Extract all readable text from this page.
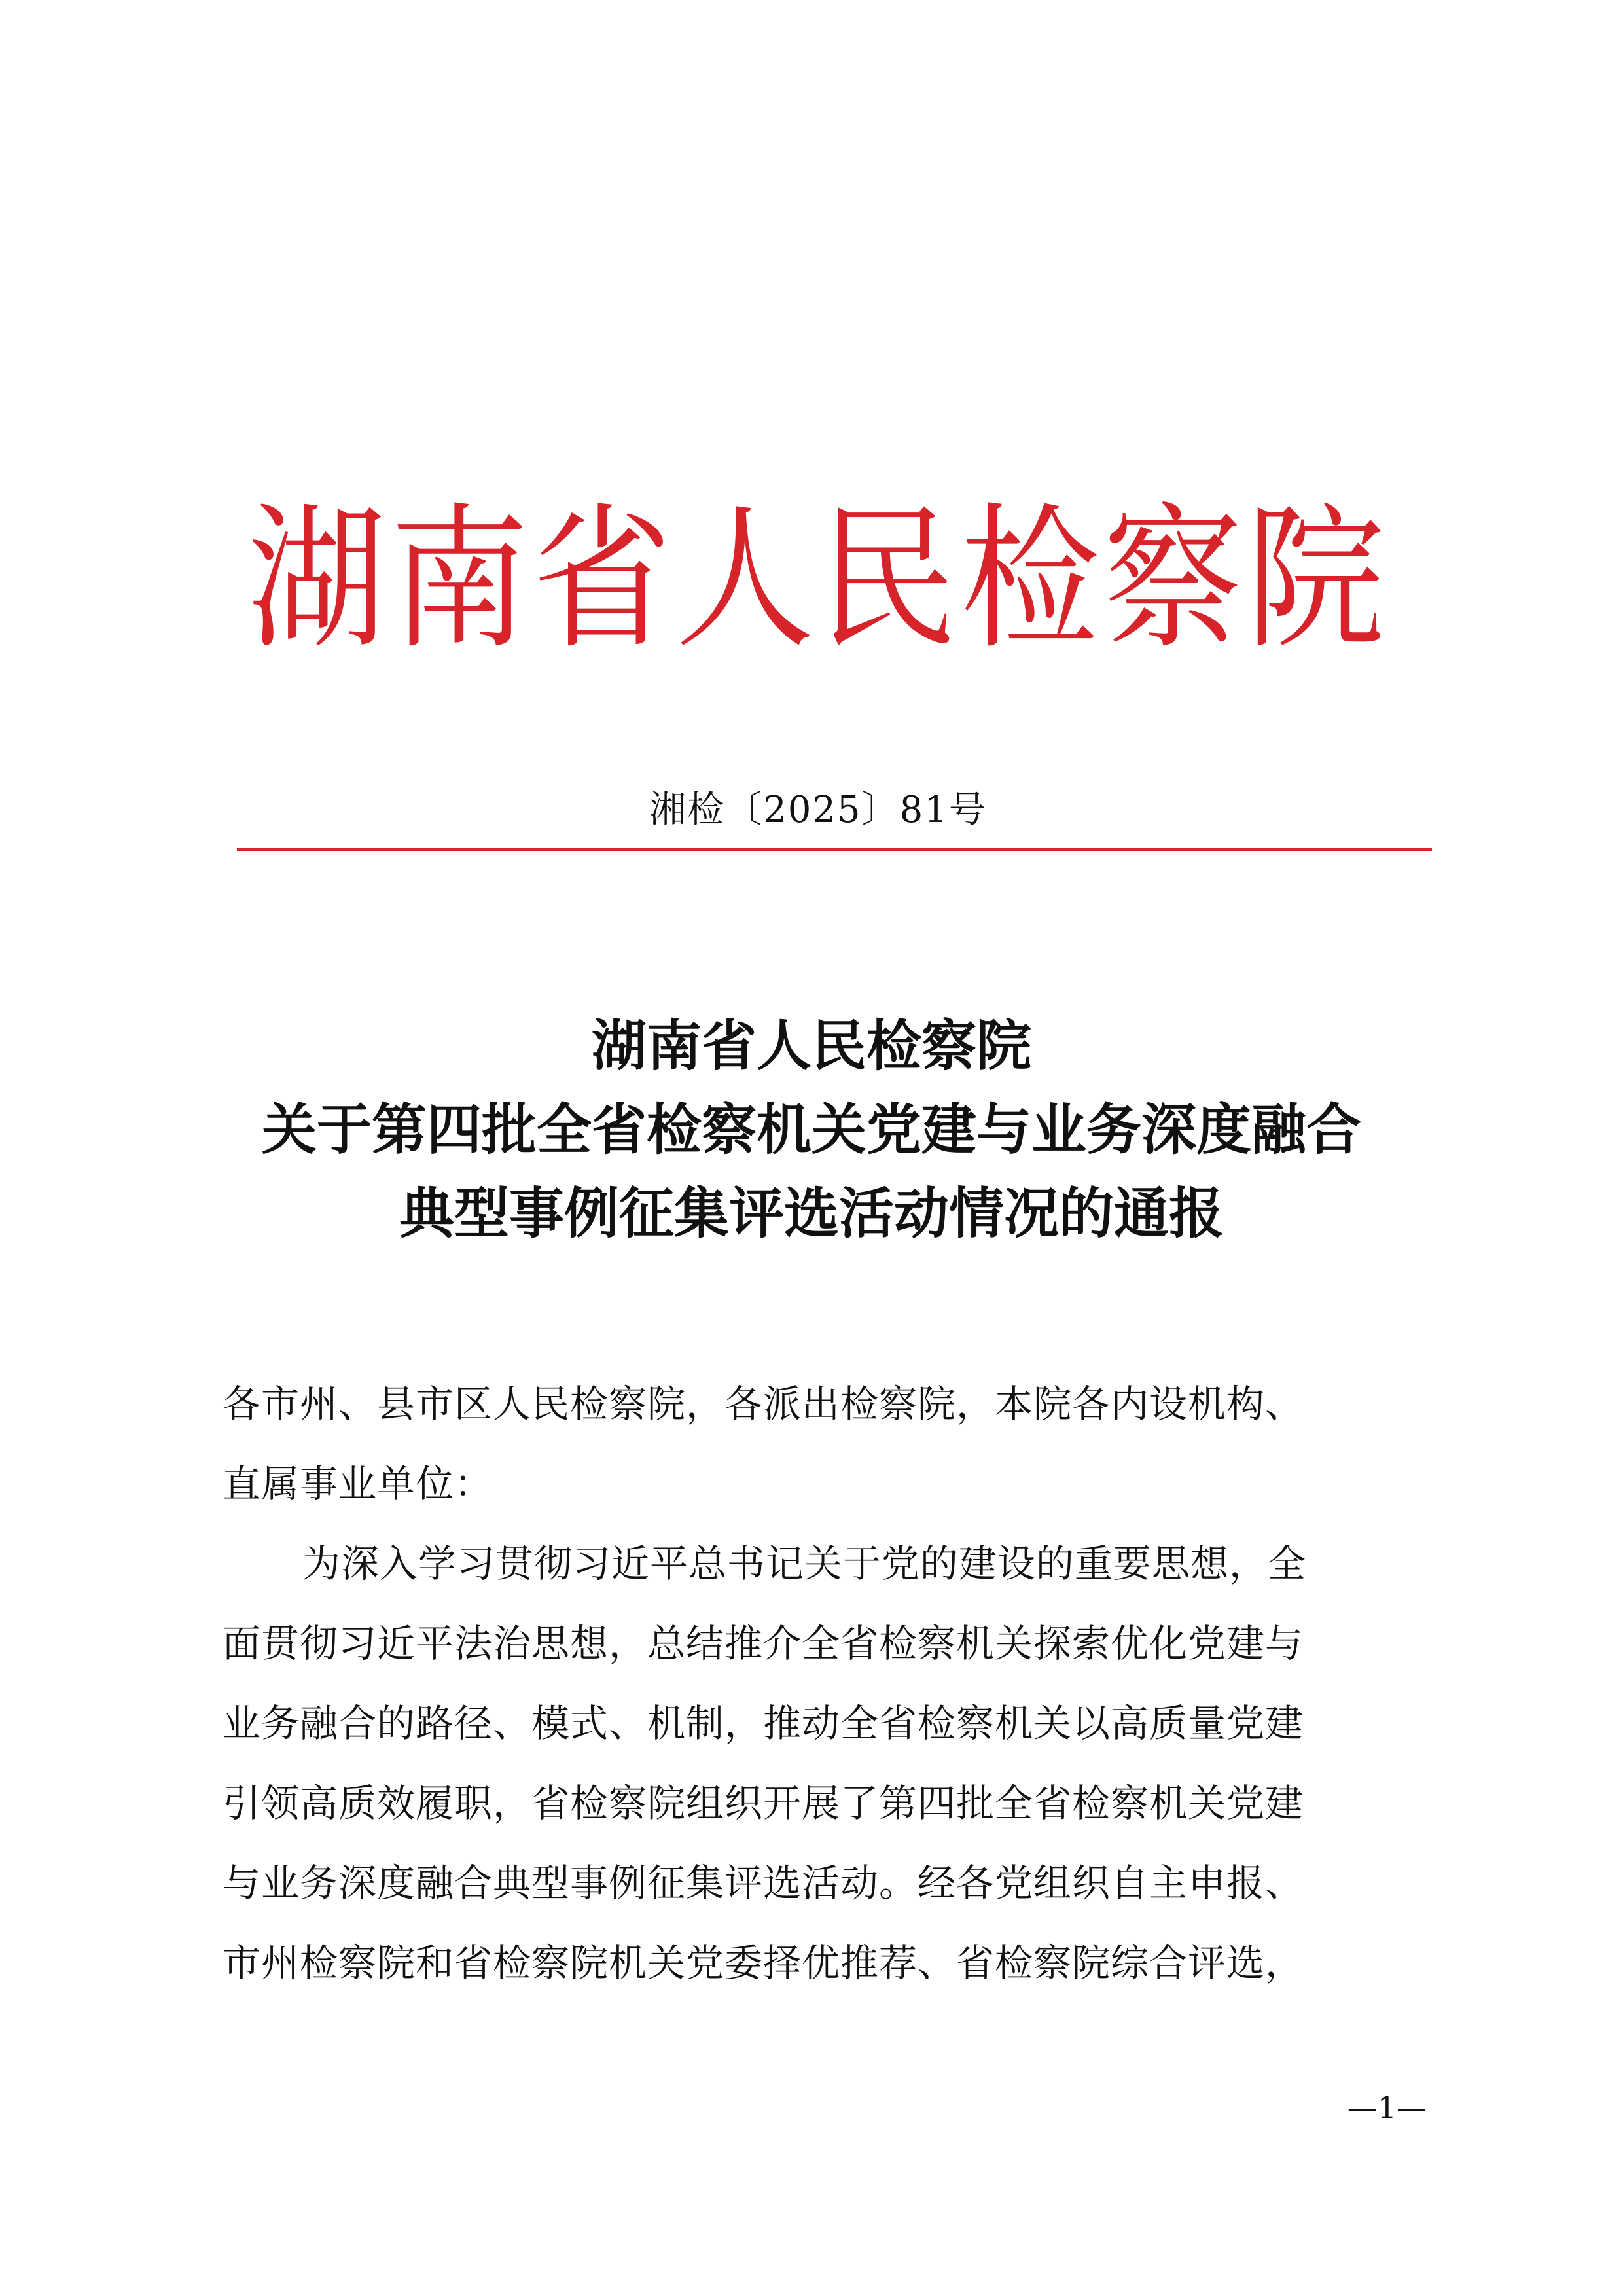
湖南省人民检察院
湘检〔2025〕81号
湖南省人民检察院
关于第四批全省检察机关党建与业务深度融合
典型事例征集评选活动情况的通报
各市州、县市区人民检察院，各派出检察院，本院各内设机构、
直属事业单位：
为深入学习贯彻习近平总书记关于党的建设的重要思想，全
面贯彻习近平法治思想，总结推介全省检察机关探索优化党建与
业务融合的路径、模式、机制，推动全省检察机关以高质量党建
引领高质效履职，省检察院组织开展了第四批全省检察机关党建
与业务深度融合典型事例征集评选活动。经各党组织自主申报、
市州检察院和省检察院机关党委择优推荐、省检察院综合评选，
—1—
